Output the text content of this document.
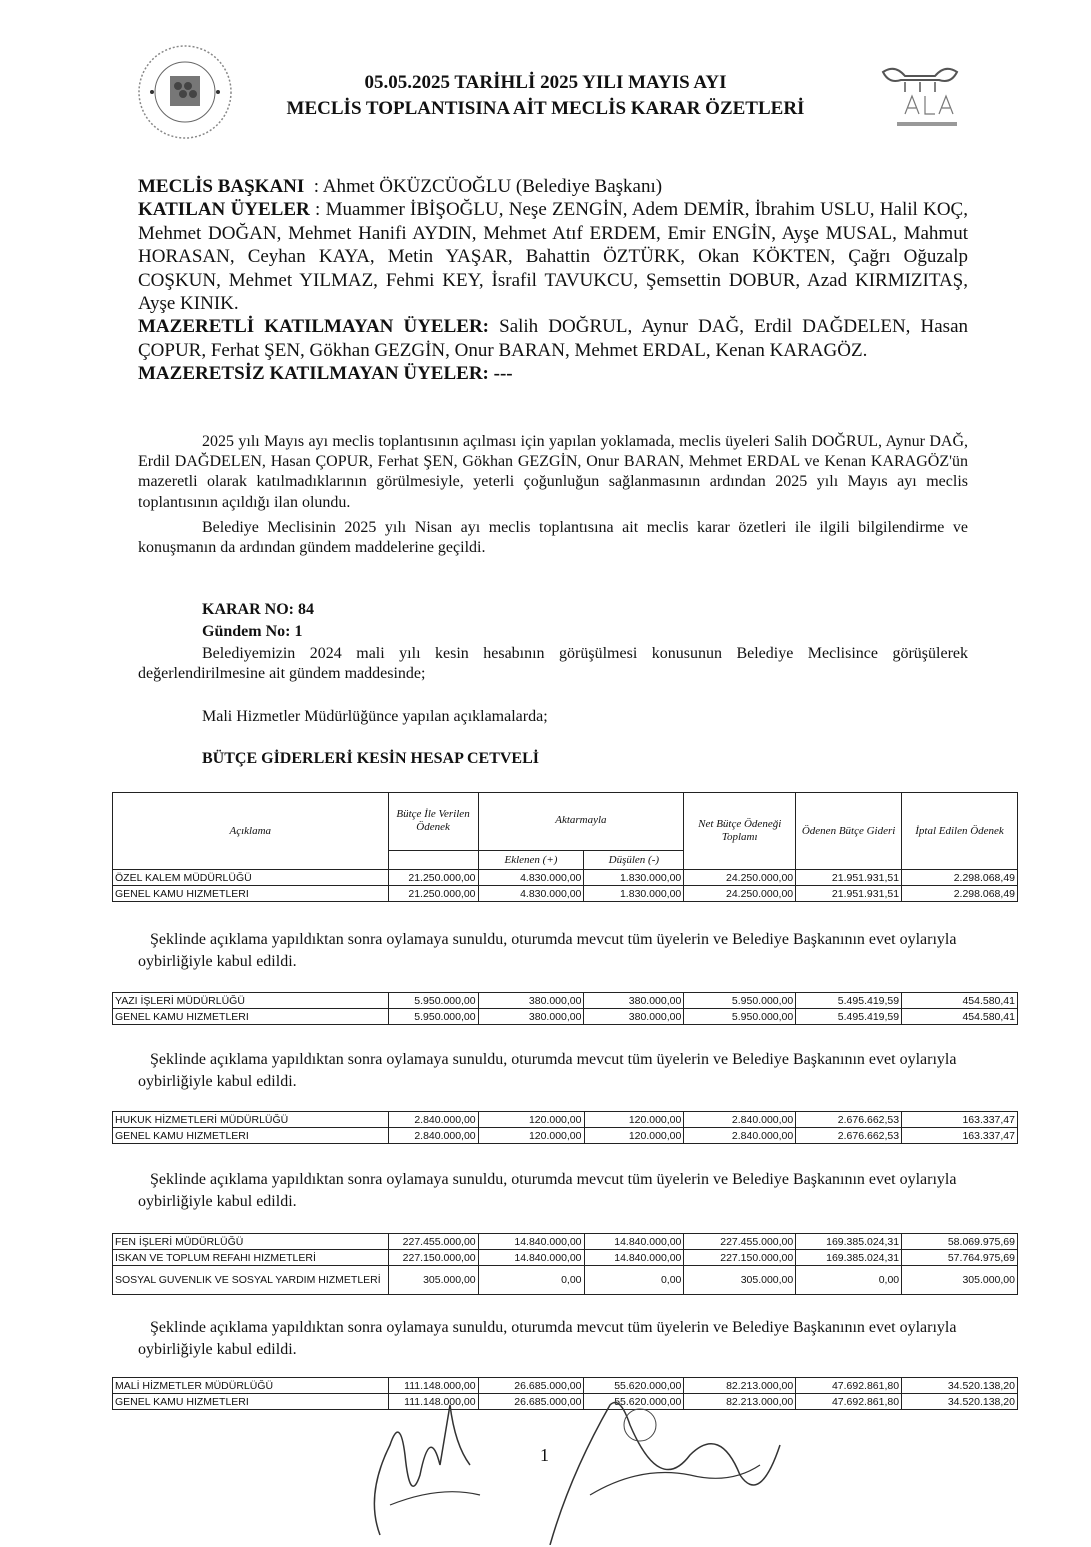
05.05.2025 TARİHLİ 2025 YILI MAYIS AYI
MECLİS TOPLANTISINA AİT MECLİS KARAR ÖZETLERİ
MECLİS BAŞKANI : Ahmet ÖKÜZCÜOĞLU (Belediye Başkanı)
KATILAN ÜYELER : Muammer İBİŞOĞLU, Neşe ZENGİN, Adem DEMİR, İbrahim USLU, Halil KOÇ, Mehmet DOĞAN, Mehmet Hanifi AYDIN, Mehmet Atıf ERDEM, Emir ENGİN, Ayşe MUSAL, Mahmut HORASAN, Ceyhan KAYA, Metin YAŞAR, Bahattin ÖZTÜRK, Okan KÖKTEN, Çağrı Oğuzalp COŞKUN, Mehmet YILMAZ, Fehmi KEY, İsrafil TAVUKCU, Şemsettin DOBUR, Azad KIRMIZITAŞ, Ayşe KINIK.
MAZERETLİ KATILMAYAN ÜYELER: Salih DOĞRUL, Aynur DAĞ, Erdil DAĞDELEN, Hasan ÇOPUR, Ferhat ŞEN, Gökhan GEZGİN, Onur BARAN, Mehmet ERDAL, Kenan KARAGÖZ.
MAZERETSİZ KATILMAYAN ÜYELER: ---
2025 yılı Mayıs ayı meclis toplantısının açılması için yapılan yoklamada, meclis üyeleri Salih DOĞRUL, Aynur DAĞ, Erdil DAĞDELEN, Hasan ÇOPUR, Ferhat ŞEN, Gökhan GEZGİN, Onur BARAN, Mehmet ERDAL ve Kenan KARAGÖZ'ün mazeretli olarak katılmadıklarının görülmesiyle, yeterli çoğunluğun sağlanmasının ardından 2025 yılı Mayıs ayı meclis toplantısının açıldığı ilan olundu.
Belediye Meclisinin 2025 yılı Nisan ayı meclis toplantısına ait meclis karar özetleri ile ilgili bilgilendirme ve konuşmanın da ardından gündem maddelerine geçildi.
KARAR NO: 84
Gündem No: 1
Belediyemizin 2024 mali yılı kesin hesabının görüşülmesi konusunun Belediye Meclisince görüşülerek değerlendirilmesine ait gündem maddesinde;
Mali Hizmetler Müdürlüğünce yapılan açıklamalarda;
BÜTÇE GİDERLERİ KESİN HESAP CETVELİ
Açıklama	Bütçe İle Verilen Ödenek	Aktarmayla		Net Bütçe Ödeneği Toplamı	Ödenen Bütçe Gideri	İptal Edilen Ödenek
		Eklenen (+)	Düşülen (-)			
ÖZEL KALEM MÜDÜRLÜĞÜ	21.250.000,00	4.830.000,00	1.830.000,00	24.250.000,00	21.951.931,51	2.298.068,49
GENEL KAMU HIZMETLERI	21.250.000,00	4.830.000,00	1.830.000,00	24.250.000,00	21.951.931,51	2.298.068,49
Şeklinde açıklama yapıldıktan sonra oylamaya sunuldu, oturumda mevcut tüm üyelerin ve Belediye Başkanının evet oylarıyla oybirliğiyle kabul edildi.
YAZI İŞLERİ MÜDÜRLÜĞÜ	5.950.000,00	380.000,00	380.000,00	5.950.000,00	5.495.419,59	454.580,41
GENEL KAMU HIZMETLERI	5.950.000,00	380.000,00	380.000,00	5.950.000,00	5.495.419,59	454.580,41
Şeklinde açıklama yapıldıktan sonra oylamaya sunuldu, oturumda mevcut tüm üyelerin ve Belediye Başkanının evet oylarıyla oybirliğiyle kabul edildi.
HUKUK HİZMETLERİ MÜDÜRLÜĞÜ	2.840.000,00	120.000,00	120.000,00	2.840.000,00	2.676.662,53	163.337,47
GENEL KAMU HIZMETLERI	2.840.000,00	120.000,00	120.000,00	2.840.000,00	2.676.662,53	163.337,47
Şeklinde açıklama yapıldıktan sonra oylamaya sunuldu, oturumda mevcut tüm üyelerin ve Belediye Başkanının evet oylarıyla oybirliğiyle kabul edildi.
FEN İŞLERİ MÜDÜRLÜĞÜ	227.455.000,00	14.840.000,00	14.840.000,00	227.455.000,00	169.385.024,31	58.069.975,69
ISKAN VE TOPLUM REFAHI HIZMETLERİ	227.150.000,00	14.840.000,00	14.840.000,00	227.150.000,00	169.385.024,31	57.764.975,69
SOSYAL GUVENLIK VE SOSYAL YARDIM HIZMETLERİ	305.000,00	0,00	0,00	305.000,00	0,00	305.000,00
Şeklinde açıklama yapıldıktan sonra oylamaya sunuldu, oturumda mevcut tüm üyelerin ve Belediye Başkanının evet oylarıyla oybirliğiyle kabul edildi.
MALİ HİZMETLER MÜDÜRLÜĞÜ	111.148.000,00	26.685.000,00	55.620.000,00	82.213.000,00	47.692.861,80	34.520.138,20
GENEL KAMU HIZMETLERI	111.148.000,00	26.685.000,00	55.620.000,00	82.213.000,00	47.692.861,80	34.520.138,20
1
